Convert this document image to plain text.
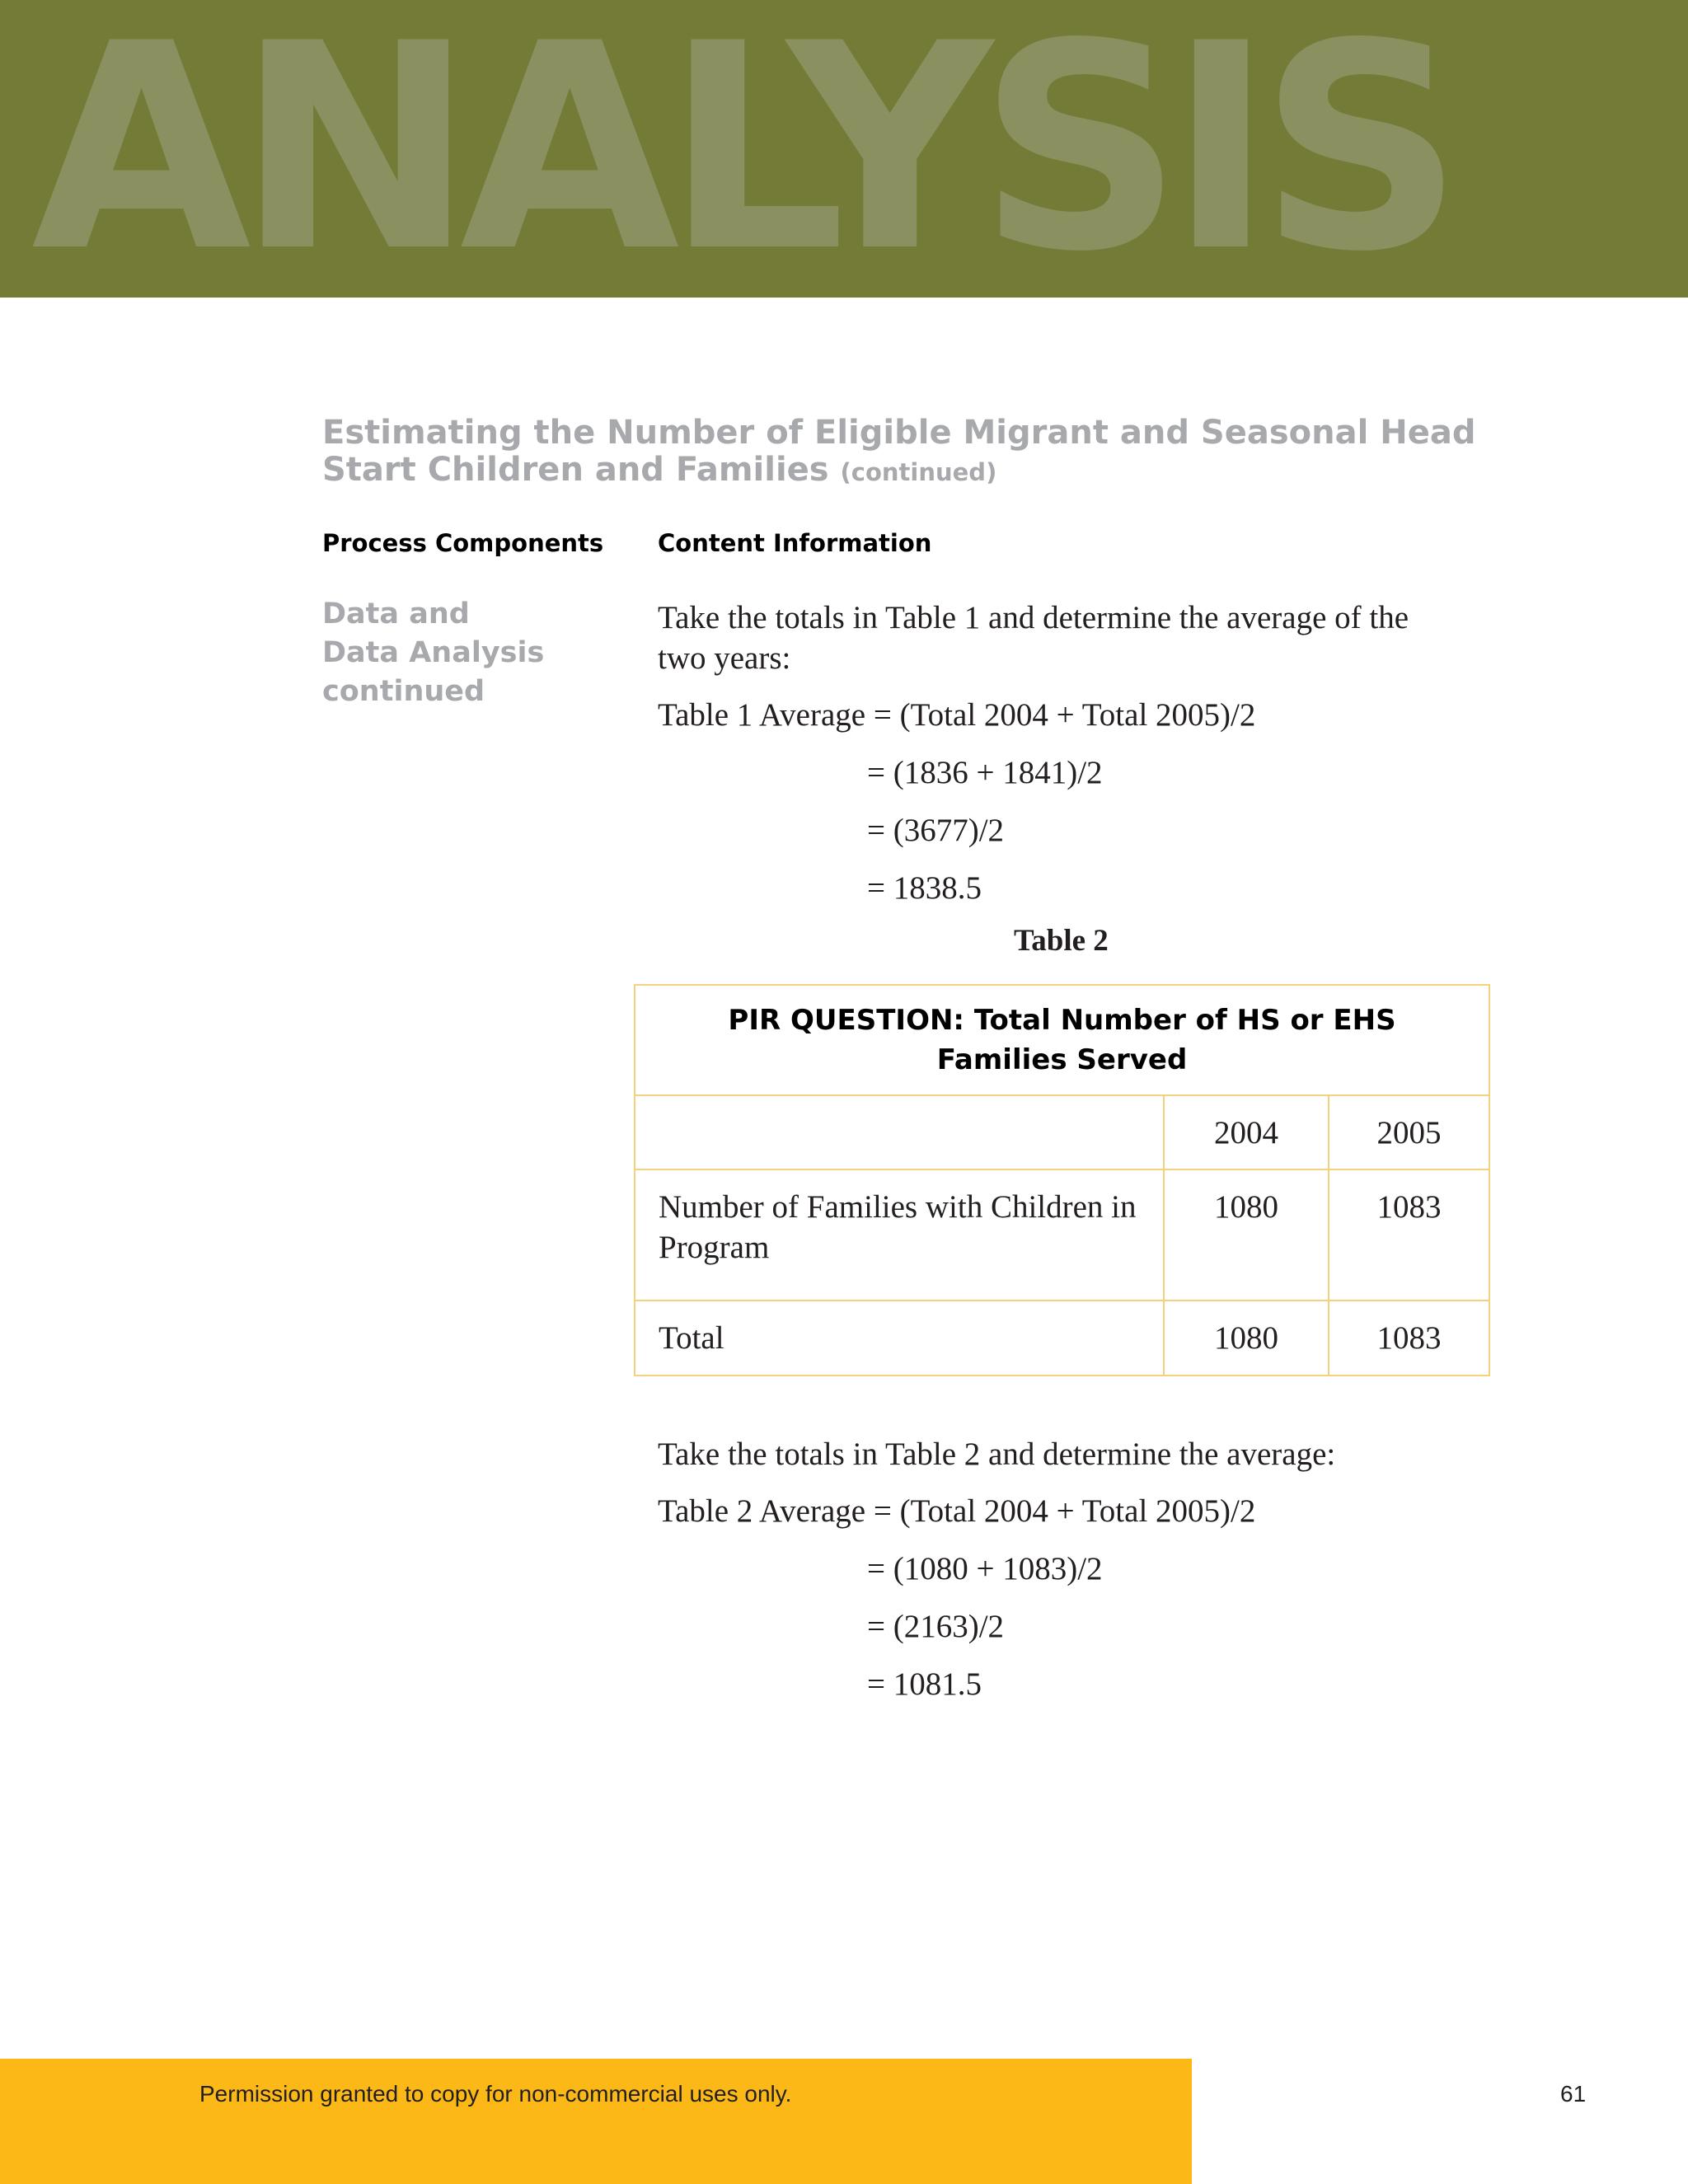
ANALYSIS
Estimating the Number of Eligible Migrant and Seasonal Head Start Children and Families (continued)
Process Components Content Information
Data and
Data Analysis
continued
Take the totals in Table 1 and determine the average of the
two years:
Table 1 Average = (Total 2004 + Total 2005)/2
= (1836 + 1841)/2
= (3677)/2
= 1838.5
Table 2
PIR QUESTION: Total Number of HS or EHS Families Served		
	2004	2005
Number of Families with Children in Program	1080	1083
Total	1080	1083
Take the totals in Table 2 and determine the average:
Table 2 Average = (Total 2004 + Total 2005)/2
= (1080 + 1083)/2
= (2163)/2
= 1081.5
Permission granted to copy for non-commercial uses only.	61
